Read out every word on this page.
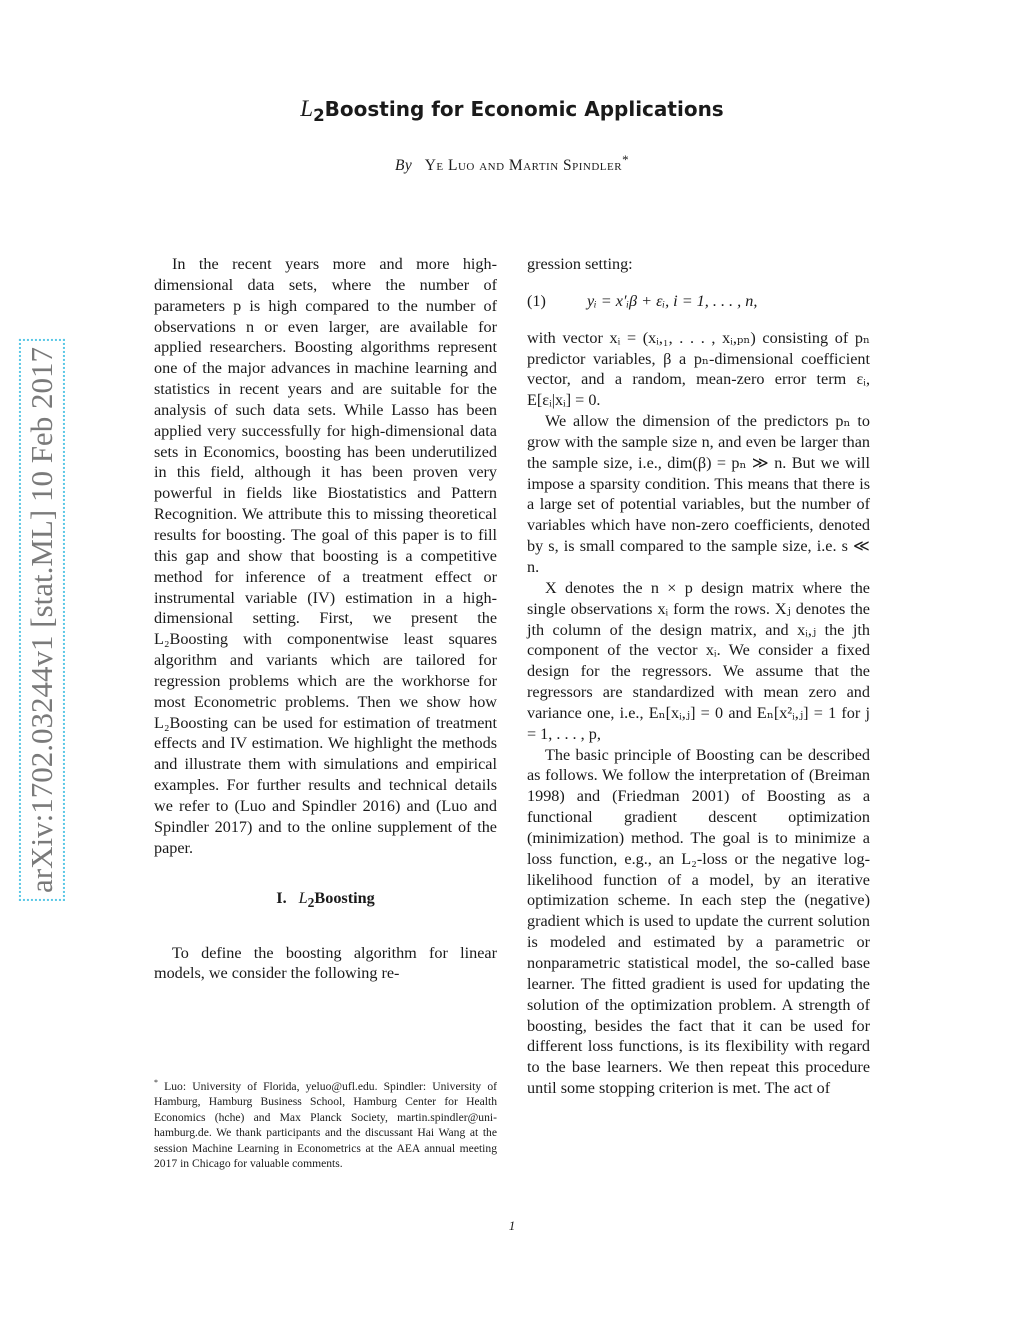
arXiv:1702.03244v1 [stat.ML] 10 Feb 2017
$L_2Boosting$ for Economic Applications
By Ye Luo and Martin Spindler*

In the recent years more and more high-dimensional data sets, where the number of parameters p is high compared to the number of observations n or even larger, are available for applied researchers. Boosting algorithms represent one of the major advances in machine learning and statistics in recent years and are suitable for the analysis of such data sets. While Lasso has been applied very successfully for high-dimensional data sets in Economics, boosting has been underutilized in this field, although it has been proven very powerful in fields like Biostatistics and Pattern Recognition. We attribute this to missing theoretical results for boosting. The goal of this paper is to fill this gap and show that boosting is a competitive method for inference of a treatment effect or instrumental variable (IV) estimation in a high-dimensional setting. First, we present the L₂Boosting with componentwise least squares algorithm and variants which are tailored for regression problems which are the workhorse for most Econometric problems. Then we show how L₂Boosting can be used for estimation of treatment effects and IV estimation. We highlight the methods and illustrate them with simulations and empirical examples. For further results and technical details we refer to (Luo and Spindler 2016) and (Luo and Spindler 2017) and to the online supplement of the paper.

I. $L_2Boosting$

To define the boosting algorithm for linear models, we consider the following re-

gression setting:

(1)	yᵢ = x′ᵢβ + εᵢ, i = 1, . . . , n,

with vector xᵢ = (xᵢ,₁, . . . , xᵢ,ₚₙ) consisting of pₙ predictor variables, β a pₙ-dimensional coefficient vector, and a random, mean-zero error term εᵢ, E[εᵢ|xᵢ] = 0.

We allow the dimension of the predictors pₙ to grow with the sample size n, and even be larger than the sample size, i.e., dim(β) = pₙ ≫ n. But we will impose a sparsity condition. This means that there is a large set of potential variables, but the number of variables which have non-zero coefficients, denoted by s, is small compared to the sample size, i.e. s ≪ n.

X denotes the n × p design matrix where the single observations xᵢ form the rows. Xⱼ denotes the jth column of the design matrix, and xᵢ,ⱼ the jth component of the vector xᵢ. We consider a fixed design for the regressors. We assume that the regressors are standardized with mean zero and variance one, i.e., Eₙ[xᵢ,ⱼ] = 0 and Eₙ[x²ᵢ,ⱼ] = 1 for j = 1, . . . , p,

The basic principle of Boosting can be described as follows. We follow the interpretation of (Breiman 1998) and (Friedman 2001) of Boosting as a functional gradient descent optimization (minimization) method. The goal is to minimize a loss function, e.g., an L₂-loss or the negative log-likelihood function of a model, by an iterative optimization scheme. In each step the (negative) gradient which is used to update the current solution is modeled and estimated by a parametric or nonparametric statistical model, the so-called base learner. The fitted gradient is used for updating the solution of the optimization problem. A strength of boosting, besides the fact that it can be used for different loss functions, is its flexibility with regard to the base learners. We then repeat this procedure until some stopping criterion is met. The act of

* Luo: University of Florida, yeluo@ufl.edu. Spindler: University of Hamburg, Hamburg Business School, Hamburg Center for Health Economics (hche) and Max Planck Society, martin.spindler@uni-hamburg.de. We thank participants and the discussant Hai Wang at the session Machine Learning in Econometrics at the AEA annual meeting 2017 in Chicago for valuable comments.
1
